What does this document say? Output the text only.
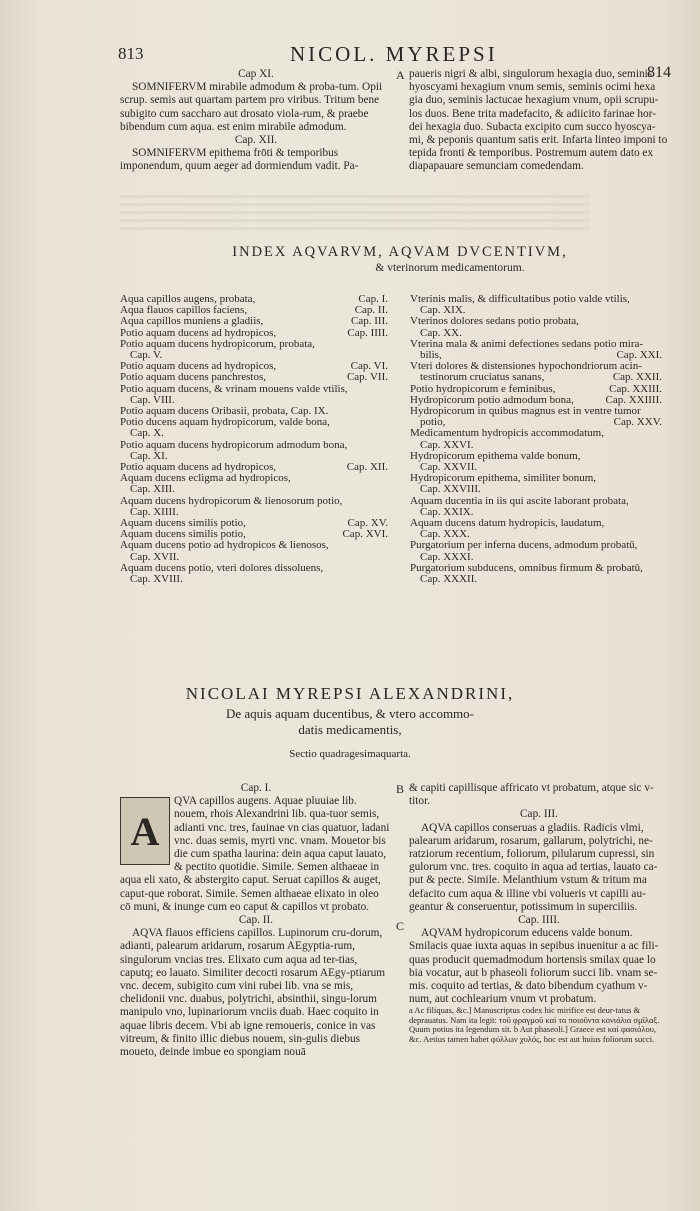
813	NICOL. MYREPSI
814

Cap XI.

SOMNIFERVM mirabile admodum & proba-tum. Opii scrup. semis aut quartam partem pro viribus. Tritum bene subigito cum saccharo aut drosato viola-rum, & praebe bibendum cum aqua. est enim mirabile admodum.

Cap. XII.

SOMNIFERVM epithema frōti & temporibus imponendum, quum aeger ad dormiendum vadit. Pa-

A paueris nigri & albi, singulorum hexagia duo, seminis hyoscyami hexagium vnum semis, seminis ocimi hexa gia duo, seminis lactucae hexagium vnum, opii scrupu-los duos. Bene trita madefacito, & adiicito farinae hor-dei hexagia duo. Subacta excipito cum succo hyoscya-mi, & peponis quantum satis erit. Infarta linteo imponi to tepida fronti & temporibus. Postremum autem dato ex diapapauare semunciam comedendam.

INDEX AQVARVM, AQVAM DVCENTIVM,
& vterinorum medicamentorum.
Aqua capillos augens, probata,	Cap. I.
Aqua flauos capillos faciens,	Cap. II.
Aqua capillos muniens a gladiis,	Cap. III.
Potio aquam ducens ad hydropicos,	Cap. IIII.
Potio aquam ducens hydropicorum, probata,
Cap. V.
Potio aquam ducens ad hydropicos,	Cap. VI.
Potio aquam ducens panchrestos,	Cap. VII.
Potio aquam ducens, & vrinam mouens valde vtilis,
Cap. VIII.
Potio aquam ducens Oribasii, probata, Cap. IX.
Potio ducens aquam hydropicorum, valde bona,
Cap. X.
Potio aquam ducens hydropicorum admodum bona,
Cap. XI.
Potio aquam ducens ad hydropicos,	Cap. XII.
Aquam ducens ecligma ad hydropicos,
Cap. XIII.
Aquam ducens hydropicorum & lienosorum potio,
Cap. XIIII.
Aquam ducens similis potio,	Cap. XV.
Aquam ducens similis potio,	Cap. XVI.
Aquam ducens potio ad hydropicos & lienosos,
Cap. XVII.
Aquam ducens potio, vteri dolores dissoluens,
Cap. XVIII.
Vterinis malis, & difficultatibus potio valde vtilis,
Cap. XIX.
Vterinos dolores sedans potio probata,
Cap. XX.
Vterina mala & animi defectiones sedans potio mira-
bilis,	Cap. XXI.
Vteri dolores & distensiones hypochondriorum acin-
testinorum cruciatus sanans,	Cap. XXII.
Potio hydropicorum e feminibus,	Cap. XXIII.
Hydropicorum potio admodum bona,	Cap. XXIIII.
Hydropicorum in quibus magnus est in ventre tumor
potio,	Cap. XXV.
Medicamentum hydropicis accommodatum,
Cap. XXVI.
Hydropicorum epithema valde bonum,
Cap. XXVII.
Hydropicorum epithema, similiter bonum,
Cap. XXVIII.
Aquam ducentia in iis qui ascite laborant probata,
Cap. XXIX.
Aquam ducens datum hydropicis, laudatum,
Cap. XXX.
Purgatorium per inferna ducens, admodum probatū,
Cap. XXXI.
Purgatorium subducens, omnibus firmum & probatū,
Cap. XXXII.
NICOLAI MYREPSI ALEXANDRINI,
De aquis aquam ducentibus, & vtero accommo-
datis medicamentis,
Sectio quadragesimaquarta.

Cap. I.

A
QVA capillos augens. Aquae pluuiae lib. nouem, rhois Alexandrini lib. qua-tuor semis, adianti vnc. tres, fauinae vn cias quatuor, ladani vnc. duas semis, myrti vnc. vnam. Mouetor bis die cum spatha laurina: dein aqua caput lauato, & pectito quotidie. Simile. Semen althaeae in aqua eli xato, & abstergito caput. Seruat capillos & auget, caput-que roborat. Simile. Semen althaeae elixato in oleo cō muni, & inunge cum eo caput & capillos vt probato.

Cap. II.

AQVA flauos efficiens capillos. Lupinorum cru-dorum, adianti, palearum aridarum, rosarum AEgyptia-rum, singulorum vncias tres. Elixato cum aqua ad ter-tias, caputq; eo lauato. Similiter decocti rosarum AEgy-ptiarum vnc. decem, subigito cum vini rubei lib. vna se mis, chelidonii vnc. duabus, polytrichi, absinthii, singu-lorum manipulo vno, lupinariorum vnciis duab. Haec coquito in aquae libris decem. Vbi ab igne remoueris, conice in vas vitreum, & finito illic diebus nouem, sin-gulis diebus moueto, deinde imbue eo spongiam nouā

C
B & capiti capillisque affricato vt probatum, atque sic v-titor.

Cap. III.

AQVA capillos conseruas a gladiis. Radicis vlmi, palearum aridarum, rosarum, gallarum, polytrichi, ne-ratziorum recentium, foliorum, pilularum cupressi, sin gulorum vnc. tres. coquito in aqua ad tertias, lauato ca-put & pecte. Simile. Melanthium vstum & tritum ma defacito cum aqua & illine vbi volueris vt capilli au-geantur & conseruentur, potissimum in superciliis.

Cap. IIII.

AQVAM hydropicorum educens valde bonum. Smilacis quae iuxta aquas in sepibus inuenitur a ac fili-quas producit quemadmodum hortensis smilax quae lo bia vocatur, aut b phaseoli foliorum succi lib. vnam se-mis. coquito ad tertias, & dato bibendum cyathum v-num, aut cochlearium vnum vt probatum.

a Ac filiquas, &c.] Manuscriptus codex hic mirifice est deur-tatus & deprauatus. Nam ita legit: τοῦ φραγμοῦ καὶ τα ποιοῦντα κονιάλια σμῖλαξ. Quum potius ita legendum sit. b Aut phaseoli.] Graece est καὶ φασιόλου, &c. Aetius tamen habet φύλλων χυλός, hoc est aut huius foliorum succi.
